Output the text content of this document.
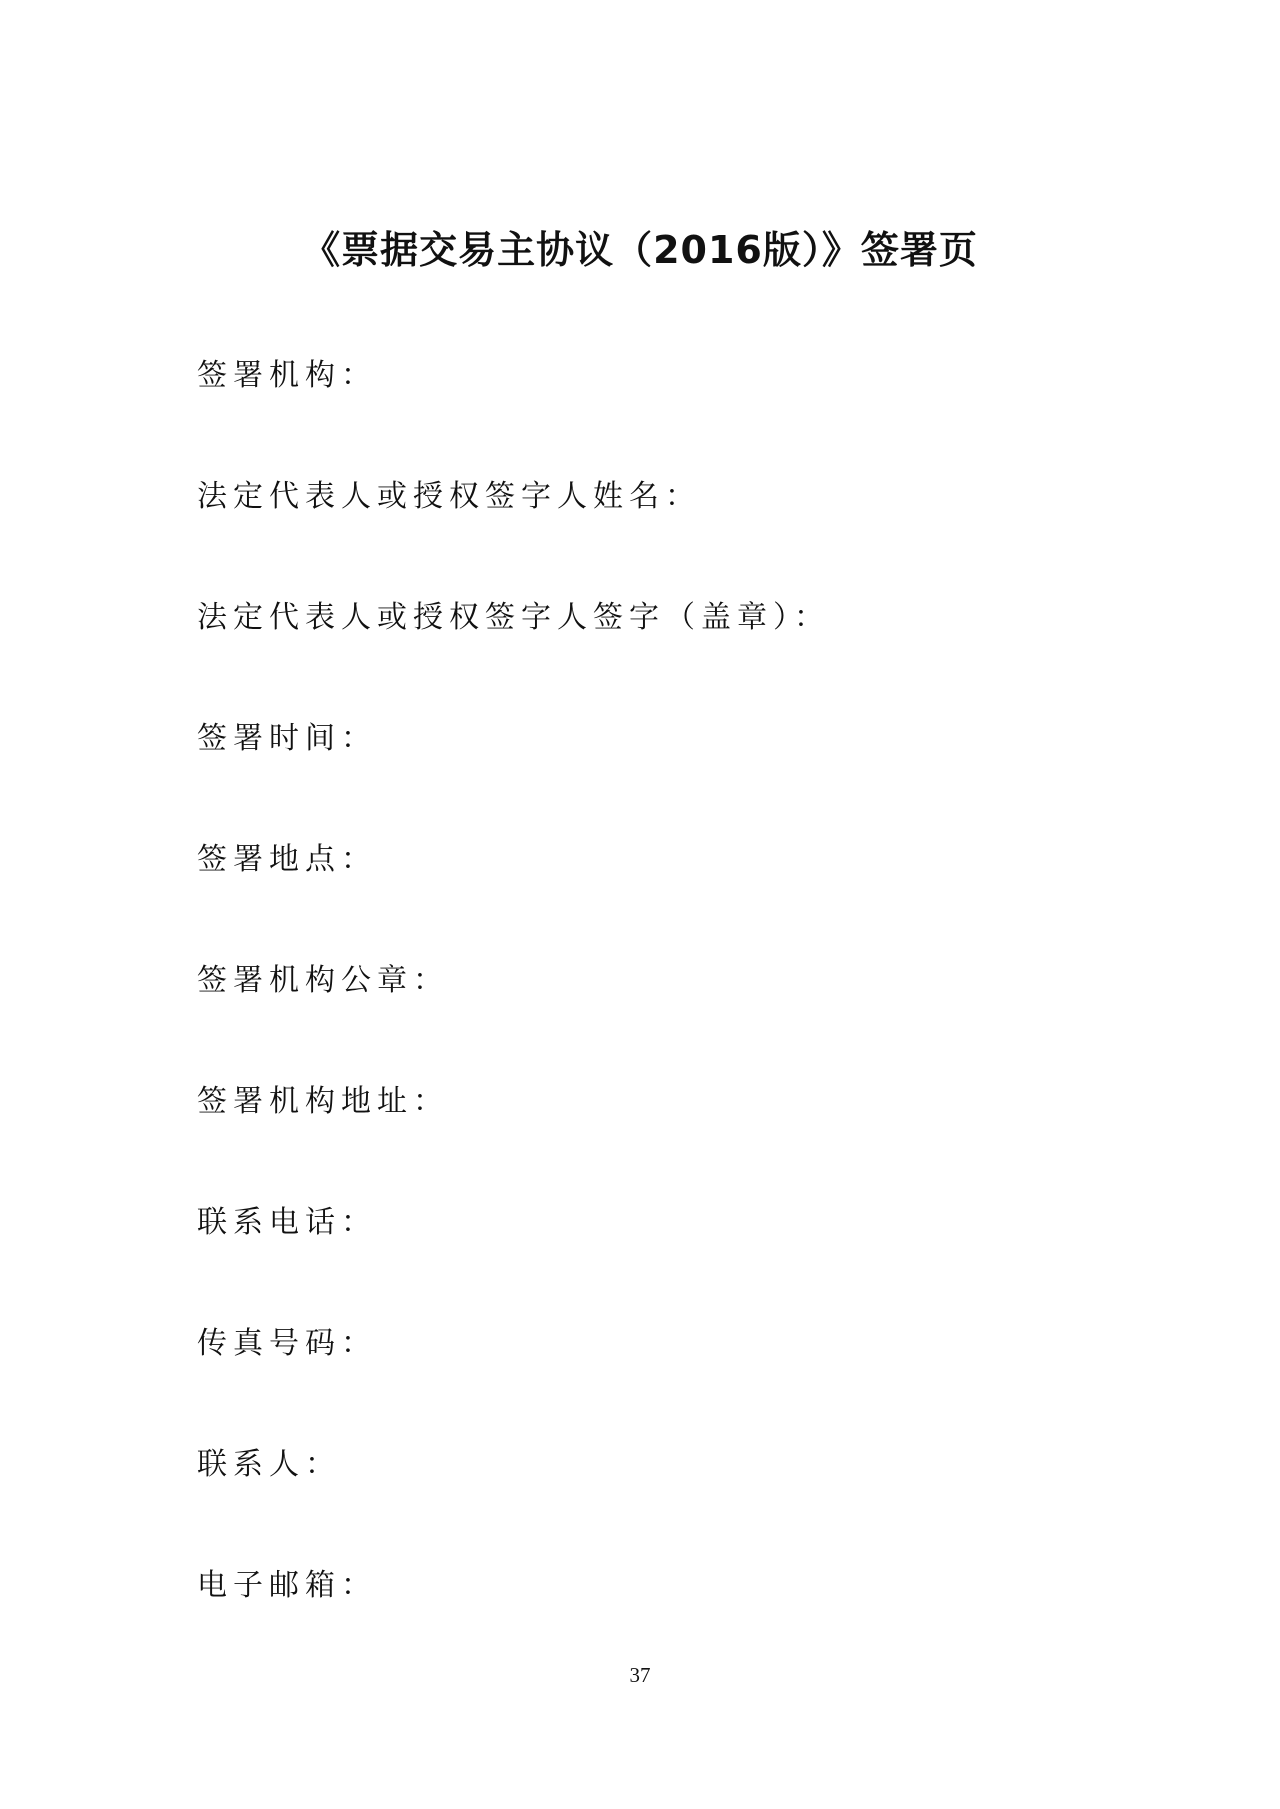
《票据交易主协议（2016版）》签署页
签署机构：
法定代表人或授权签字人姓名：
法定代表人或授权签字人签字（盖章）：
签署时间：
签署地点：
签署机构公章：
签署机构地址：
联系电话：
传真号码：
联系人：
电子邮箱：
37
